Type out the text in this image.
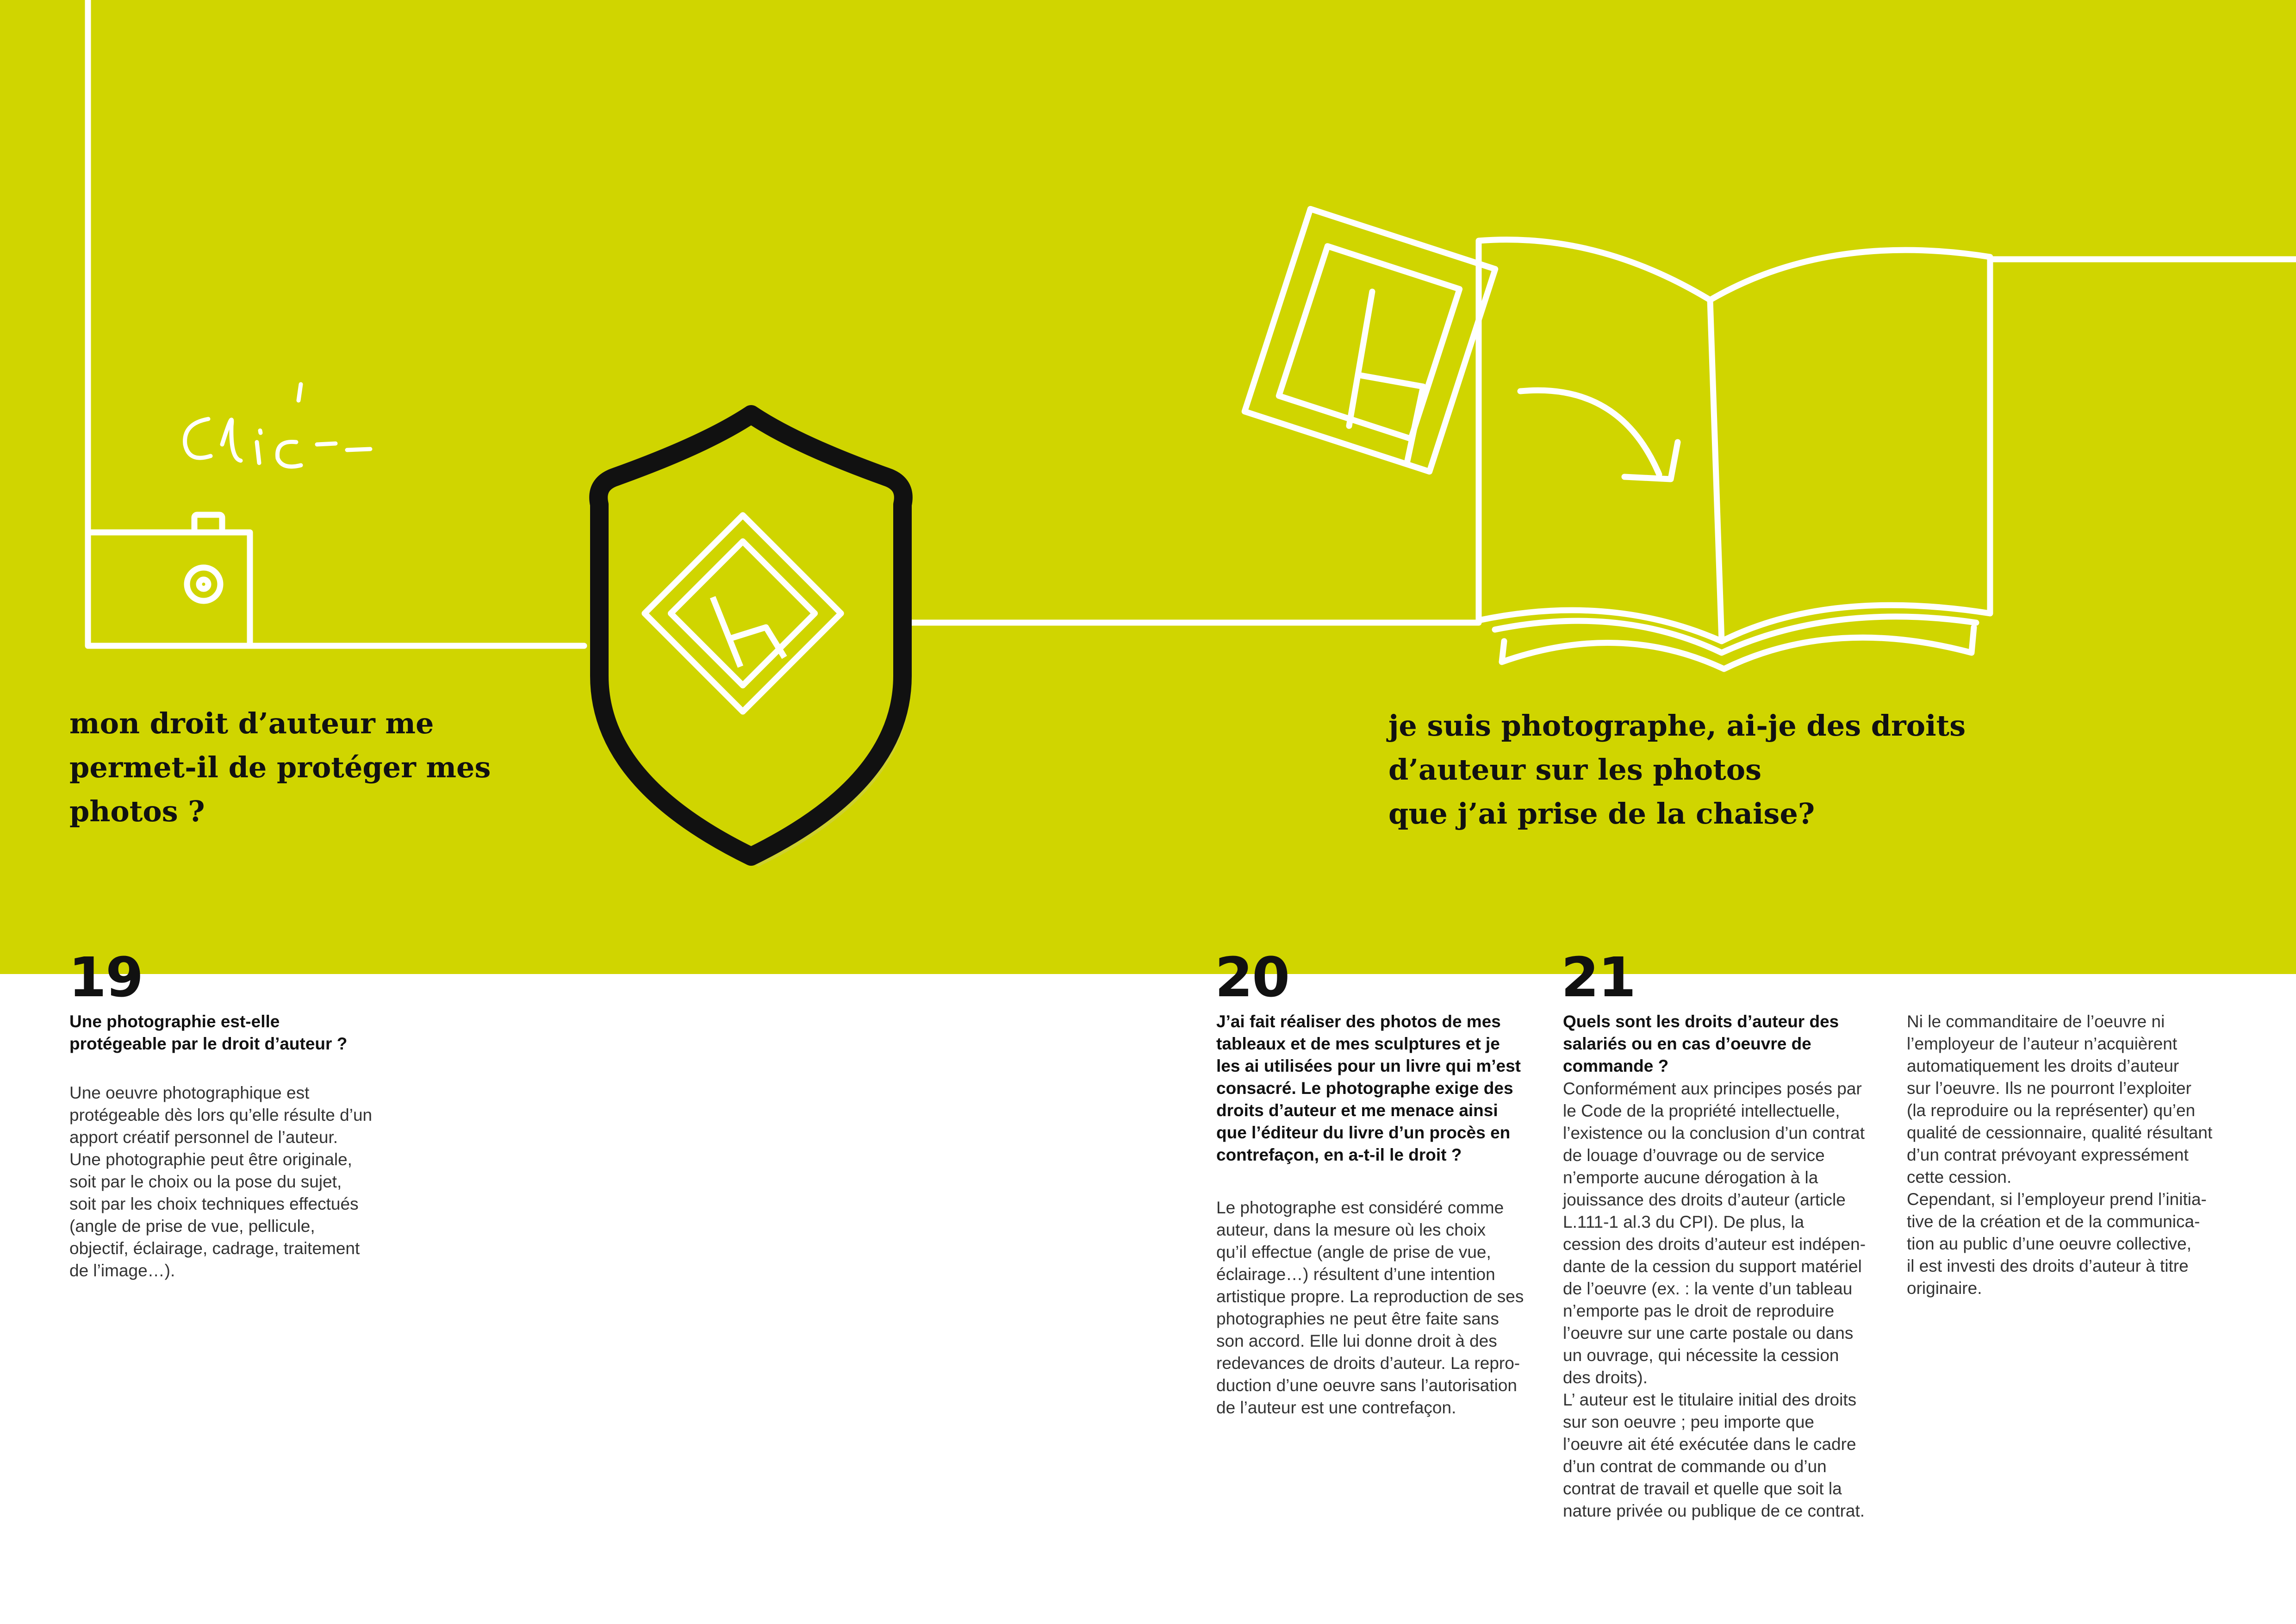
mon droit d’auteur me
permet-il de protéger mes
photos ?

je suis photographe, ai-je des droits
d’auteur sur les photos
que j’ai prise de la chaise?

19

Une photographie est-elle
protégeable par le droit d’auteur ?

Une oeuvre photographique est
protégeable dès lors qu’elle résulte d’un
apport créatif personnel de l’auteur.
Une photographie peut être originale,
soit par le choix ou la pose du sujet,
soit par les choix techniques effectués
(angle de prise de vue, pellicule,
objectif, éclairage, cadrage, traitement
de l’image…).

20

J’ai fait réaliser des photos de mes
tableaux et de mes sculptures et je
les ai utilisées pour un livre qui m’est
consacré. Le photographe exige des
droits d’auteur et me menace ainsi
que l’éditeur du livre d’un procès en
contrefaçon, en a-t-il le droit ?

Le photographe est considéré comme
auteur, dans la mesure où les choix
qu’il effectue (angle de prise de vue,
éclairage…) résultent d’une intention
artistique propre. La reproduction de ses
photographies ne peut être faite sans
son accord. Elle lui donne droit à des
redevances de droits d’auteur. La repro-
duction d’une oeuvre sans l’autorisation
de l’auteur est une contrefaçon.

21

Quels sont les droits d’auteur des
salariés ou en cas d’oeuvre de
commande ?

Conformément aux principes posés par
le Code de la propriété intellectuelle,
l’existence ou la conclusion d’un contrat
de louage d’ouvrage ou de service
n’emporte aucune dérogation à la
jouissance des droits d’auteur (article
L.111-1 al.3 du CPI). De plus, la
cession des droits d’auteur est indépen-
dante de la cession du support matériel
de l’oeuvre (ex. : la vente d’un tableau
n’emporte pas le droit de reproduire
l’oeuvre sur une carte postale ou dans
un ouvrage, qui nécessite la cession
des droits).
L’ auteur est le titulaire initial des droits
sur son oeuvre ; peu importe que
l’oeuvre ait été exécutée dans le cadre
d’un contrat de commande ou d’un
contrat de travail et quelle que soit la
nature privée ou publique de ce contrat.

Ni le commanditaire de l’oeuvre ni
l’employeur de l’auteur n’acquièrent
automatiquement les droits d’auteur
sur l’oeuvre. Ils ne pourront l’exploiter
(la reproduire ou la représenter) qu’en
qualité de cessionnaire, qualité résultant
d’un contrat prévoyant expressément
cette cession.
Cependant, si l’employeur prend l’initia-
tive de la création et de la communica-
tion au public d’une oeuvre collective,
il est investi des droits d’auteur à titre
originaire.
